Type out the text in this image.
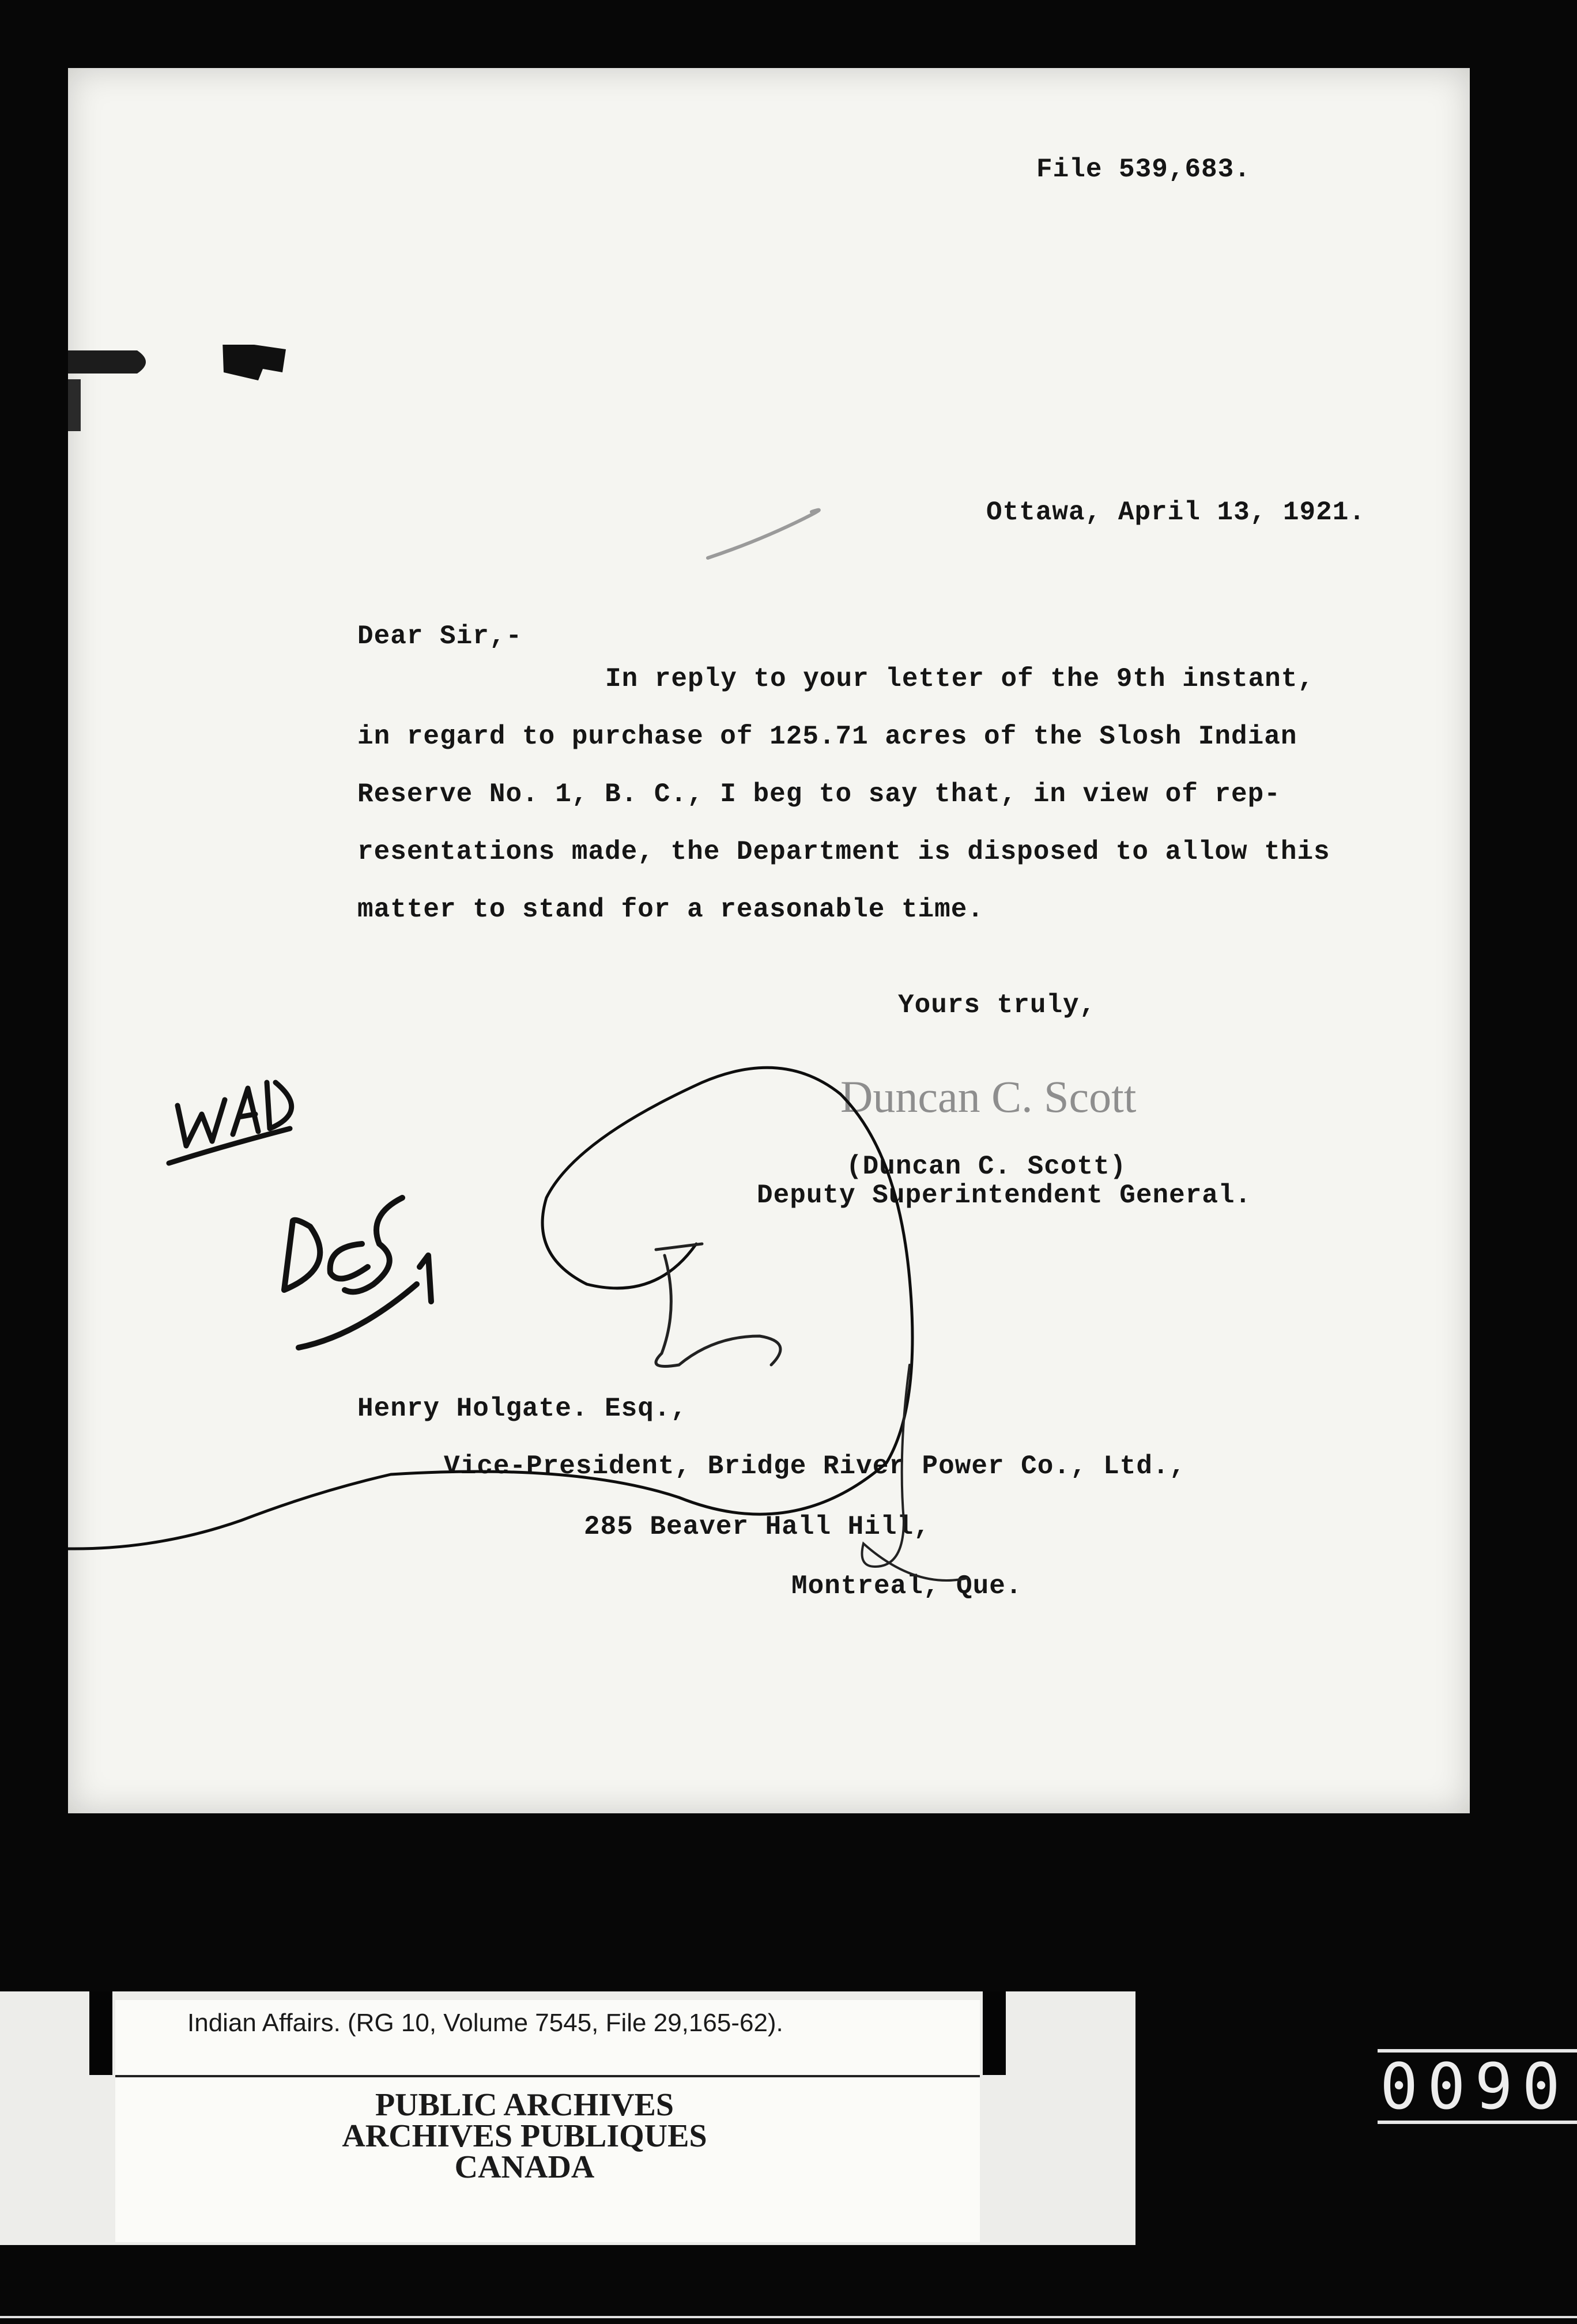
File 539,683.
Ottawa, April 13, 1921.
Dear Sir,-
In reply to your letter of the 9th instant,
in regard to purchase of 125.71 acres of the Slosh Indian
Reserve No. 1, B. C., I beg to say that, in view of rep-
resentations made, the Department is disposed to allow this
matter to stand for a reasonable time.
Yours truly,
Duncan C. Scott
(Duncan C. Scott)
Deputy Superintendent General.
Henry Holgate. Esq.,
Vice-President, Bridge River Power Co., Ltd.,
285 Beaver Hall Hill,
Montreal, Que.
Indian Affairs. (RG 10, Volume 7545, File 29,165-62).
PUBLIC ARCHIVES
ARCHIVES PUBLIQUES
CANADA
0090
